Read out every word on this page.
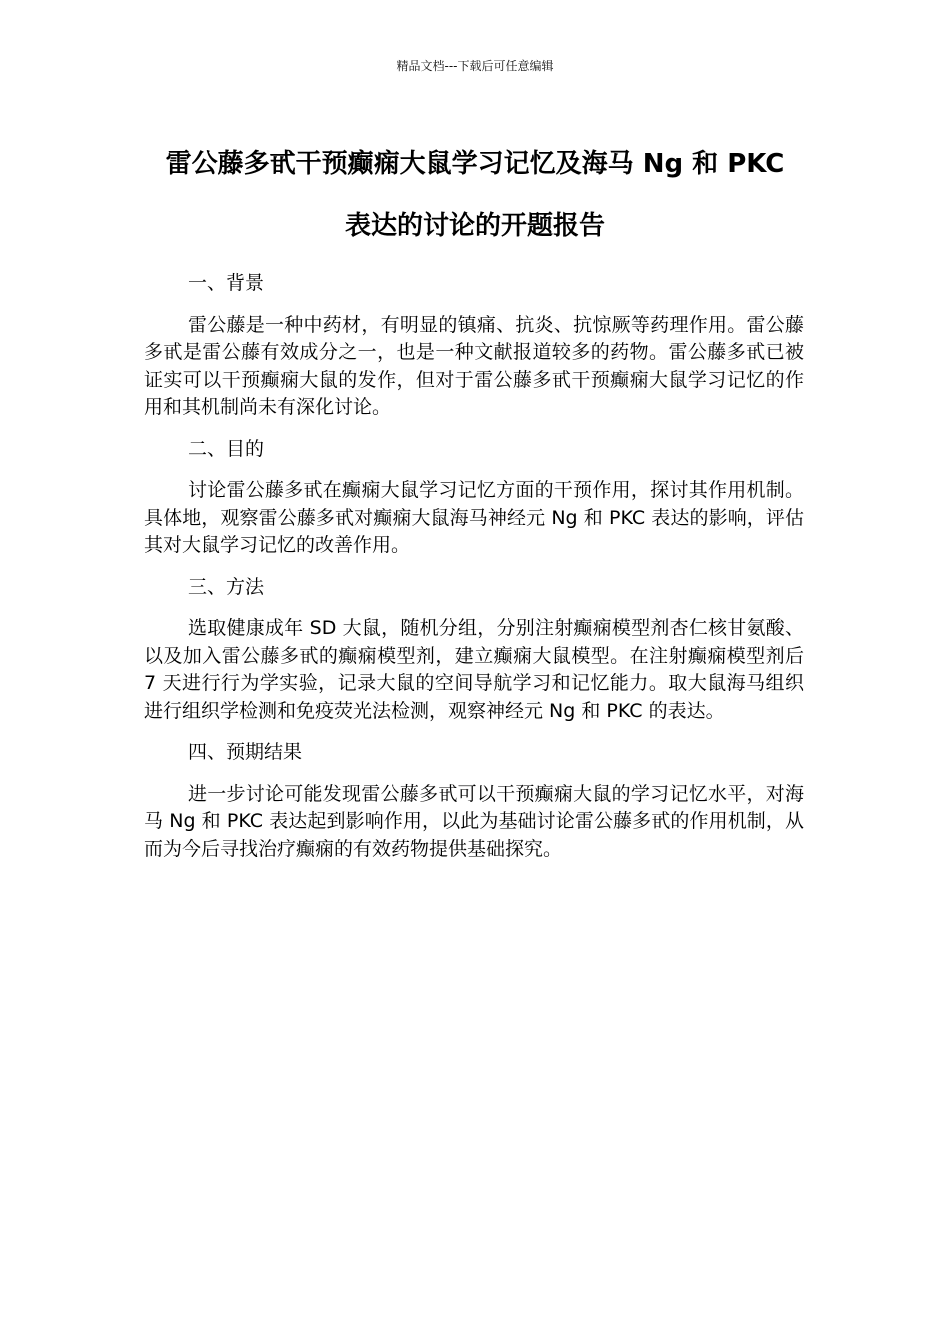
精品文档---下载后可任意编辑
雷公藤多甙干预癫痫大鼠学习记忆及海马 Ng 和 PKC
表达的讨论的开题报告

一、背景

雷公藤是一种中药材，有明显的镇痛、抗炎、抗惊厥等药理作用。雷公藤多甙是雷公藤有效成分之一，也是一种文献报道较多的药物。雷公藤多甙已被证实可以干预癫痫大鼠的发作，但对于雷公藤多甙干预癫痫大鼠学习记忆的作用和其机制尚未有深化讨论。

二、目的

讨论雷公藤多甙在癫痫大鼠学习记忆方面的干预作用，探讨其作用机制。具体地，观察雷公藤多甙对癫痫大鼠海马神经元 Ng 和 PKC 表达的影响，评估其对大鼠学习记忆的改善作用。

三、方法

选取健康成年 SD 大鼠，随机分组，分别注射癫痫模型剂杏仁核甘氨酸、以及加入雷公藤多甙的癫痫模型剂，建立癫痫大鼠模型。在注射癫痫模型剂后 7 天进行行为学实验，记录大鼠的空间导航学习和记忆能力。取大鼠海马组织进行组织学检测和免疫荧光法检测，观察神经元 Ng 和 PKC 的表达。

四、预期结果

进一步讨论可能发现雷公藤多甙可以干预癫痫大鼠的学习记忆水平，对海马 Ng 和 PKC 表达起到影响作用，以此为基础讨论雷公藤多甙的作用机制，从而为今后寻找治疗癫痫的有效药物提供基础探究。
